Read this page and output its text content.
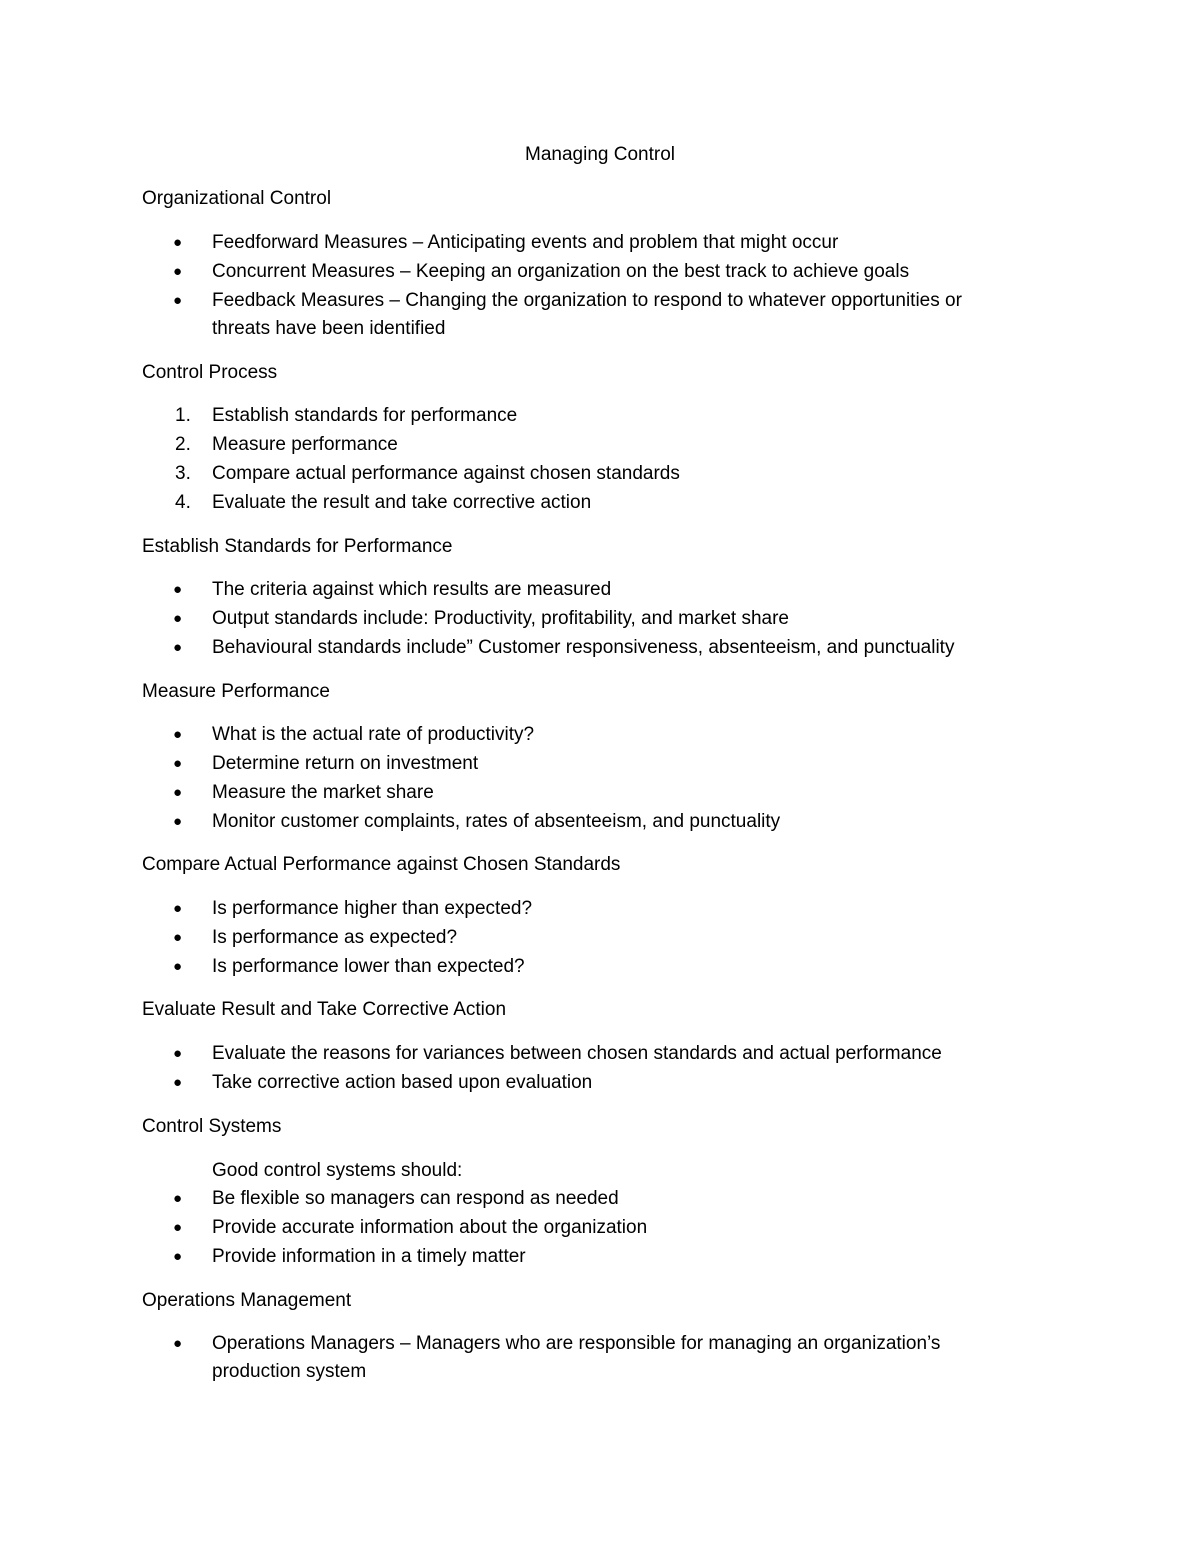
Managing Control
Organizational Control
●	Feedforward Measures – Anticipating events and problem that might occur
●	Concurrent Measures – Keeping an organization on the best track to achieve goals
●	Feedback Measures – Changing the organization to respond to whatever opportunities or threats have been identified
Control Process
1.	Establish standards for performance
2.	Measure performance
3.	Compare actual performance against chosen standards
4.	Evaluate the result and take corrective action
Establish Standards for Performance
●	The criteria against which results are measured
●	Output standards include: Productivity, profitability, and market share
●	Behavioural standards include” Customer responsiveness, absenteeism, and punctuality
Measure Performance
●	What is the actual rate of productivity?
●	Determine return on investment
●	Measure the market share
●	Monitor customer complaints, rates of absenteeism, and punctuality
Compare Actual Performance against Chosen Standards
●	Is performance higher than expected?
●	Is performance as expected?
●	Is performance lower than expected?
Evaluate Result and Take Corrective Action
●	Evaluate the reasons for variances between chosen standards and actual performance
●	Take corrective action based upon evaluation
Control Systems

Good control systems should:

●	Be flexible so managers can respond as needed
●	Provide accurate information about the organization
●	Provide information in a timely matter
Operations Management
●	Operations Managers – Managers who are responsible for managing an organization’s production system
